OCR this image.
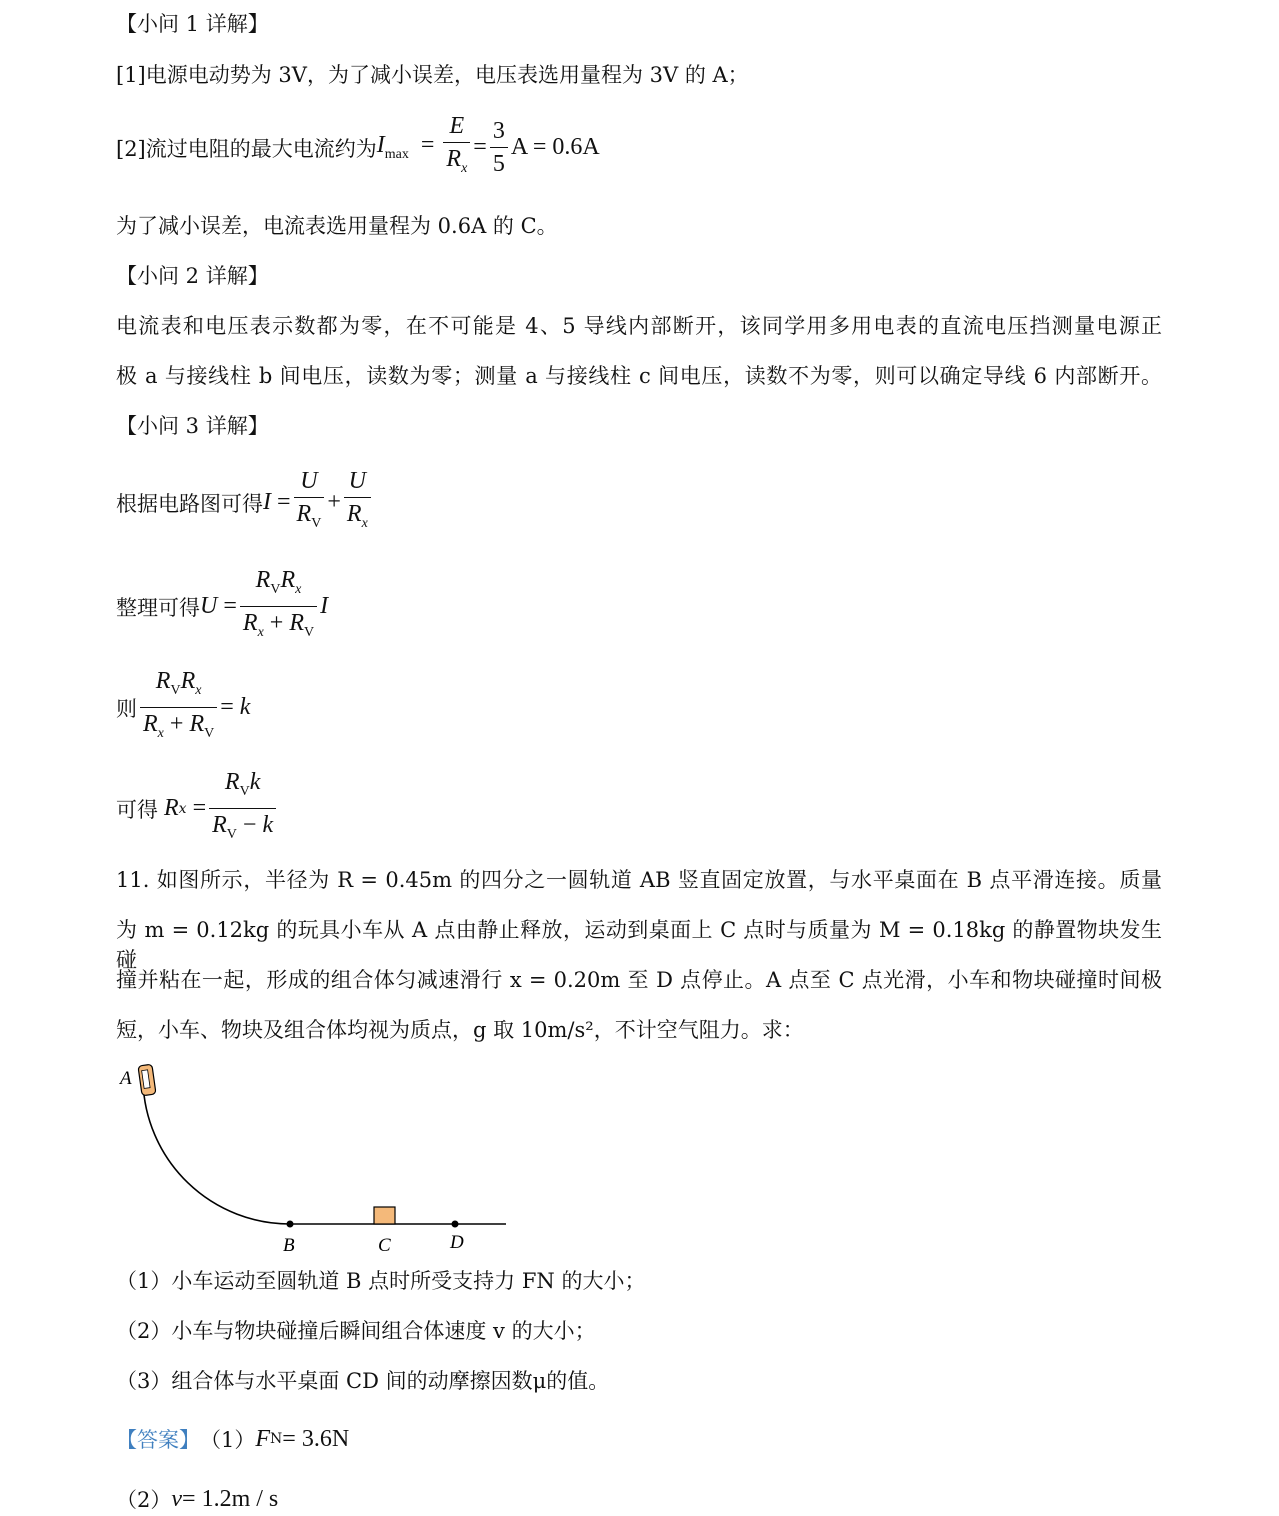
【小问 1 详解】
[1]电源电动势为 3V，为了减小误差，电压表选用量程为 3V 的 A；
[2]流过电阻的最大电流约为 $I_{max} = \frac{E}{R_x} = \frac{3}{5}$ A = 0.6A
为了减小误差，电流表选用量程为 0.6A 的 C。
【小问 2 详解】
电流表和电压表示数都为零，在不可能是 4、5 导线内部断开，该同学用多用电表的直流电压挡测量电源正
极 a 与接线柱 b 间电压，读数为零；测量 a 与接线柱 c 间电压，读数不为零，则可以确定导线 6 内部断开。
【小问 3 详解】
根据电路图可得 $I = \frac{U}{R_V} + \frac{U}{R_x}$
整理可得 $U = \frac{R_VR_x}{R_x + R_V}$ I
则 $\frac{R_VR_x}{R_x + R_V} = k$
可得
R $x = \frac{R_Vk}{R_V - k}$
11. 如图所示，半径为 R = 0.45m 的四分之一圆轨道 AB 竖直固定放置，与水平桌面在 B 点平滑连接。质量
为 m = 0.12kg 的玩具小车从 A 点由静止释放，运动到桌面上 C 点时与质量为 M = 0.18kg 的静置物块发生碰
撞并粘在一起，形成的组合体匀减速滑行 x = 0.20m 至 D 点停止。A 点至 C 点光滑，小车和物块碰撞时间极
短，小车、物块及组合体均视为质点，g 取 10m/s²，不计空气阻力。求：
A
B	C	D
（1）小车运动至圆轨道 B 点时所受支持力 FN 的大小；
（2）小车与物块碰撞后瞬间组合体速度 v 的大小；
（3）组合体与水平桌面 CD 间的动摩擦因数μ的值。
【答案】 （1） F N = 3.6N
（2） v = 1.2m / s
